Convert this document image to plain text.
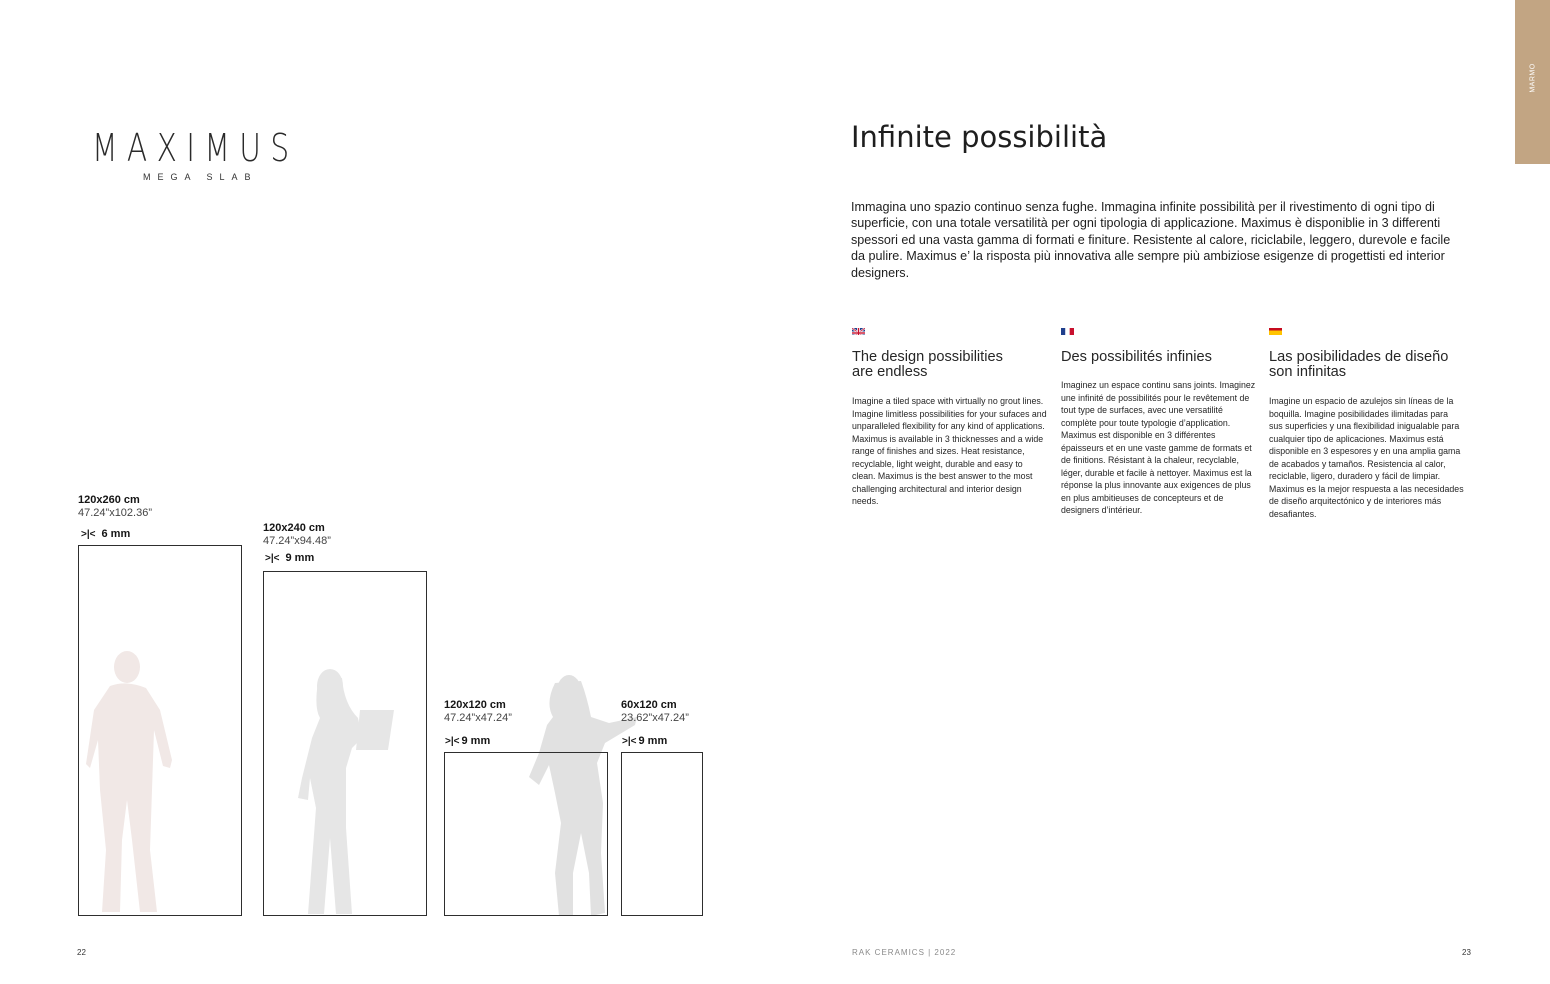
MARMO
MAXIMUS
MEGA SLAB
Infinite possibilità
Immagina uno spazio continuo senza fughe. Immagina infinite possibilità per il rivestimento di ogni tipo di superficie, con una totale versatilità per ogni tipologia di applicazione. Maximus è disponiblie in 3 differenti spessori ed una vasta gamma di formati e finiture. Resistente al calore, riciclabile, leggero, durevole e facile da pulire. Maximus e’ la risposta più innovativa alle sempre più ambiziose esigenze di progettisti ed interior designers.
The design possibilities
are endless
Imagine a tiled space with virtually no grout lines. Imagine limitless possibilities for your sufaces and unparalleled flexibility for any kind of applications. Maximus is available in 3 thicknesses and a wide range of finishes and sizes. Heat resistance, recyclable, light weight, durable and easy to clean. Maximus is the best answer to the most challenging architectural and interior design needs.
Des possibilités infinies
Imaginez un espace continu sans joints. Imaginez une infinité de possibilités pour le revêtement de tout type de surfaces, avec une versatilité complète pour toute typologie d’application. Maximus est disponible en 3 différentes épaisseurs et en une vaste gamme de formats et de finitions. Résistant à la chaleur, recyclable, léger, durable et facile à nettoyer. Maximus est la réponse la plus innovante aux exigences de plus en plus ambitieuses de concepteurs et de designers d’intérieur.
Las posibilidades de diseño
son infinitas
Imagine un espacio de azulejos sin líneas de la boquilla. Imagine posibilidades ilimitadas para sus superficies y una flexibilidad inigualable para cualquier tipo de aplicaciones. Maximus está disponible en 3 espesores y en una amplia gama de acabados y tamaños. Resistencia al calor, reciclable, ligero, duradero y fácil de limpiar. Maximus es la mejor respuesta a las necesidades de diseño arquitectónico y de interiores más desafiantes.
120x260 cm
47.24”x102.36”
>|< 6 mm	120x240 cm
47.24”x94.48”
>|< 9 mm
120x120 cm
47.24”x47.24”
>|< 9 mm
60x120 cm
23.62”x47.24”
>|< 9 mm
22	RAK CERAMICS | 2022	23
